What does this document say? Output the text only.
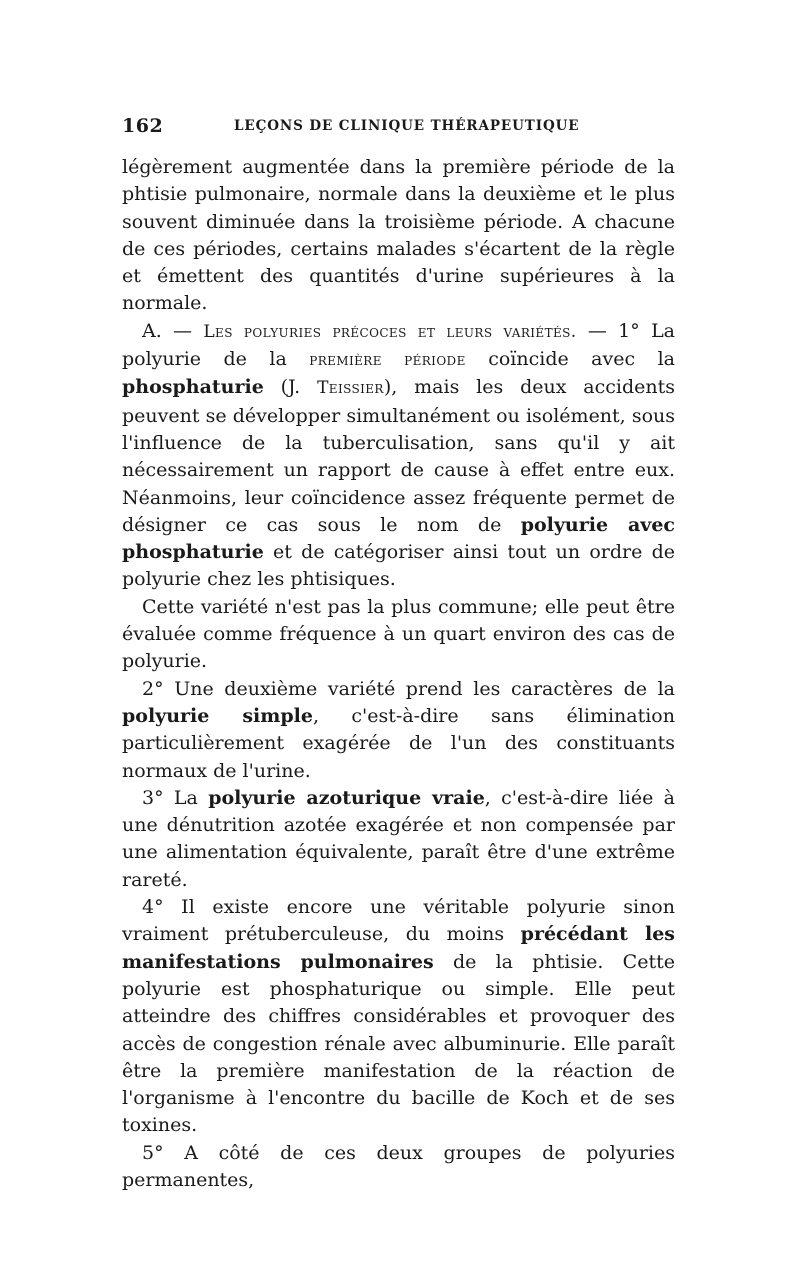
162	LEÇONS DE CLINIQUE THÉRAPEUTIQUE

légèrement augmentée dans la première période de la phtisie pulmonaire, normale dans la deuxième et le plus souvent diminuée dans la troisième période. A chacune de ces périodes, certains malades s'écartent de la règle et émettent des quantités d'urine supérieures à la normale.

A. — Les polyuries précoces et leurs variétés. — 1° La polyurie de la première période coïncide avec la phosphaturie (J. Teissier), mais les deux accidents peuvent se développer simultanément ou isolément, sous l'influence de la tuberculisation, sans qu'il y ait nécessairement un rapport de cause à effet entre eux. Néanmoins, leur coïncidence assez fréquente permet de désigner ce cas sous le nom de polyurie avec phosphaturie et de catégoriser ainsi tout un ordre de polyurie chez les phtisiques.

Cette variété n'est pas la plus commune; elle peut être évaluée comme fréquence à un quart environ des cas de polyurie.

2° Une deuxième variété prend les caractères de la polyurie simple, c'est-à-dire sans élimination particulièrement exagérée de l'un des constituants normaux de l'urine.

3° La polyurie azoturique vraie, c'est-à-dire liée à une dénutrition azotée exagérée et non compensée par une alimentation équivalente, paraît être d'une extrême rareté.

4° Il existe encore une véritable polyurie sinon vraiment prétuberculeuse, du moins précédant les manifestations pulmonaires de la phtisie. Cette polyurie est phosphaturique ou simple. Elle peut atteindre des chiffres considérables et provoquer des accès de congestion rénale avec albuminurie. Elle paraît être la première manifestation de la réaction de l'organisme à l'encontre du bacille de Koch et de ses toxines.

5° A côté de ces deux groupes de polyuries permanentes,
